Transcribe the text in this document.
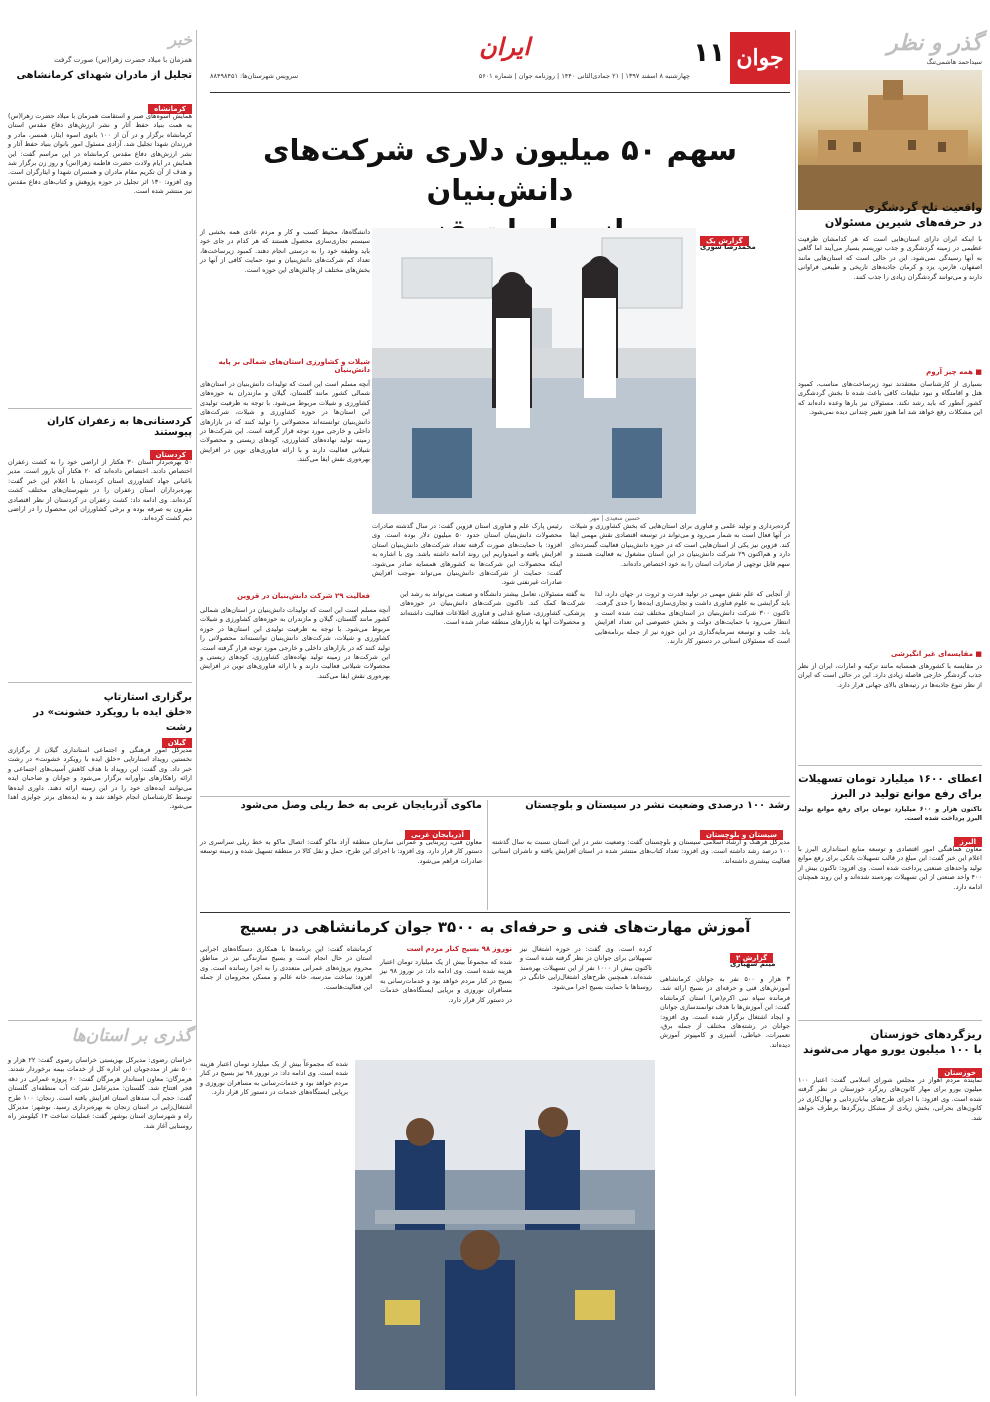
گذر و نظر
سیداحمد هاشمی‌تنگ
واقعیت تلخ گردشگری
در حرفه‌های شیرین مسئولان
با اینکه ایران دارای استان‌هایی است که هر کدامشان ظرفیت عظیمی در زمینه گردشگری و جذب توریسم بسیار می‌آیند اما گاهی به آنها رسیدگی نمی‌شود. این در حالی است که استان‌هایی مانند اصفهان، فارس، یزد و کرمان جاذبه‌های تاریخی و طبیعی فراوانی دارند و می‌توانند گردشگران زیادی را جذب کنند.
■ همه چیز آروم
بسیاری از کارشناسان معتقدند نبود زیرساخت‌های مناسب، کمبود هتل و اقامتگاه و نبود تبلیغات کافی باعث شده تا بخش گردشگری کشور آنطور که باید رشد نکند. مسئولان نیز بارها وعده داده‌اند که این مشکلات رفع خواهد شد اما هنوز تغییر چندانی دیده نمی‌شود.
■ مقایسه‌ای غیر انگیزشی
در مقایسه با کشورهای همسایه مانند ترکیه و امارات، ایران از نظر جذب گردشگر خارجی فاصله زیادی دارد. این در حالی است که ایران از نظر تنوع جاذبه‌ها در رتبه‌های بالای جهانی قرار دارد.
اعطای ۱۶۰۰ میلیارد تومان تسهیلات
برای رفع موانع تولید در البرز
تاکنون هزار و ۶۰۰ میلیارد تومان برای رفع موانع تولید البرز پرداخت شده است.
البرز
معاون هماهنگی امور اقتصادی و توسعه منابع استانداری البرز با اعلام این خبر گفت: این مبلغ در قالب تسهیلات بانکی برای رفع موانع تولید واحدهای صنعتی پرداخت شده است. وی افزود: تاکنون بیش از ۴۰۰ واحد صنعتی از این تسهیلات بهره‌مند شده‌اند و این روند همچنان ادامه دارد.
ریزگردهای خوزستان
با ۱۰۰ میلیون یورو مهار می‌شوند
خوزستان
نماینده مردم اهواز در مجلس شورای اسلامی گفت: اعتبار ۱۰۰ میلیون یورو برای مهار کانون‌های ریزگرد خوزستان در نظر گرفته شده است. وی افزود: با اجرای طرح‌های بیابان‌زدایی و نهال‌کاری در کانون‌های بحرانی، بخش زیادی از مشکل ریزگردها برطرف خواهد شد.
جوان
۱۱
ایران
چهارشنبه ۸ اسفند ۱۳۹۷ | ۲۱ جمادی‌الثانی ۱۴۴۰ | روزنامه جوان | شماره ۵۶۰۱
سرویس شهرستان‌ها: ۸۸۴۹۸۴۵۱
سهم ۵۰ میلیون دلاری شرکت‌های دانش‌بنیان
گزارش یک
محمدرضا سوری
حسین سعیدی | مهر
دانشگاه‌ها، محیط کسب و کار و مردم عادی همه بخشی از سیستم تجاری‌سازی محصول هستند که هر کدام در جای خود باید وظیفه خود را به درستی انجام دهند. کمبود زیرساخت‌ها، تعداد کم شرکت‌های دانش‌بنیان و نبود حمایت کافی از آنها در بخش‌های مختلف از چالش‌های این حوزه است.
شیلات و کشاورزی استان‌های شمالی بر پایه دانش‌بنیان
آنچه مسلم است این است که تولیدات دانش‌بنیان در استان‌های شمالی کشور مانند گلستان، گیلان و مازندران به حوزه‌های کشاورزی و شیلات مربوط می‌شود. با توجه به ظرفیت تولیدی این استان‌ها در حوزه کشاورزی و شیلات، شرکت‌های دانش‌بنیان توانسته‌اند محصولاتی را تولید کنند که در بازارهای داخلی و خارجی مورد توجه قرار گرفته است. این شرکت‌ها در زمینه تولید نهاده‌های کشاورزی، کودهای زیستی و محصولات شیلاتی فعالیت دارند و با ارائه فناوری‌های نوین در افزایش بهره‌وری نقش ایفا می‌کنند.
فعالیت ۲۹ شرکت دانش‌بنیان در قزوین
گرده‌برداری و تولید علمی و فناوری برای استان‌هایی که بخش کشاورزی و شیلات در آنها فعال است به شمار می‌رود و می‌تواند در توسعه اقتصادی نقش مهمی ایفا کند. قزوین نیز یکی از استان‌هایی است که در حوزه دانش‌بنیان فعالیت گسترده‌ای دارد و هم‌اکنون ۲۹ شرکت دانش‌بنیان در این استان مشغول به فعالیت هستند و سهم قابل توجهی از صادرات استان را به خود اختصاص داده‌اند.
رئیس پارک علم و فناوری استان قزوین گفت: در سال گذشته صادرات محصولات دانش‌بنیان استان حدود ۵۰ میلیون دلار بوده است. وی افزود: با حمایت‌های صورت گرفته تعداد شرکت‌های دانش‌بنیان استان افزایش یافته و امیدواریم این روند ادامه داشته باشد. وی با اشاره به اینکه محصولات این شرکت‌ها به کشورهای همسایه صادر می‌شود، گفت: حمایت از شرکت‌های دانش‌بنیان می‌تواند موجب افزایش صادرات غیرنفتی شود.
از آنجایی که علم نقش مهمی در تولید قدرت و ثروت در جهان دارد، لذا باید گرایشی به علوم فناوری داشت و تجاری‌سازی ایده‌ها را جدی گرفت. تاکنون ۳۰۰ شرکت دانش‌بنیان در استان‌های مختلف ثبت شده است و انتظار می‌رود با حمایت‌های دولت و بخش خصوصی این تعداد افزایش یابد. جلب و توسعه سرمایه‌گذاری در این حوزه نیز از جمله برنامه‌هایی است که مسئولان استانی در دستور کار دارند.
به گفته مسئولان، تعامل بیشتر دانشگاه و صنعت می‌تواند به رشد این شرکت‌ها کمک کند. تاکنون شرکت‌های دانش‌بنیان در حوزه‌های پزشکی، کشاورزی، صنایع غذایی و فناوری اطلاعات فعالیت داشته‌اند و محصولات آنها به بازارهای منطقه صادر شده است.
آنچه مسلم است این است که تولیدات دانش‌بنیان در استان‌های شمالی کشور مانند گلستان، گیلان و مازندران به حوزه‌های کشاورزی و شیلات مربوط می‌شود. با توجه به ظرفیت تولیدی این استان‌ها در حوزه کشاورزی و شیلات، شرکت‌های دانش‌بنیان توانسته‌اند محصولاتی را تولید کنند که در بازارهای داخلی و خارجی مورد توجه قرار گرفته است. این شرکت‌ها در زمینه تولید نهاده‌های کشاورزی، کودهای زیستی و محصولات شیلاتی فعالیت دارند و با ارائه فناوری‌های نوین در افزایش بهره‌وری نقش ایفا می‌کنند.
رشد ۱۰۰ درصدی وضعیت نشر در سیستان و بلوچستان
سیستان و بلوچستان
مدیرکل فرهنگ و ارشاد اسلامی سیستان و بلوچستان گفت: وضعیت نشر در این استان نسبت به سال گذشته ۱۰۰ درصد رشد داشته است. وی افزود: تعداد کتاب‌های منتشر شده در استان افزایش یافته و ناشران استانی فعالیت بیشتری داشته‌اند.
ماکوی آذربایجان غربی به خط ریلی وصل می‌شود
آذربایجان غربی
معاون فنی، زیربنایی و عمرانی سازمان منطقه آزاد ماکو گفت: اتصال ماکو به خط ریلی سراسری در دستور کار قرار دارد. وی افزود: با اجرای این طرح، حمل و نقل کالا در منطقه تسهیل شده و زمینه توسعه صادرات فراهم می‌شود.
آموزش مهارت‌های فنی و حرفه‌ای به ۳۵۰۰ جوان کرمانشاهی در بسیج
گزارش ۲
میثم شهبازی
۳ هزار و ۵۰۰ نفر به جوانان کرمانشاهی آموزش‌های فنی و حرفه‌ای در بسیج ارائه شد. فرمانده سپاه نبی اکرم(ص) استان کرمانشاه گفت: این آموزش‌ها با هدف توانمندسازی جوانان و ایجاد اشتغال برگزار شده است. وی افزود: جوانان در رشته‌های مختلف از جمله برق، تعمیرات، خیاطی، آشپزی و کامپیوتر آموزش دیده‌اند.
کرده است. وی گفت: در حوزه اشتغال نیز تسهیلاتی برای جوانان در نظر گرفته شده است و تاکنون بیش از ۱۰۰۰ نفر از این تسهیلات بهره‌مند شده‌اند. همچنین طرح‌های اشتغال‌زایی خانگی در روستاها با حمایت بسیج اجرا می‌شود.
نوروز ۹۸ بسیج کنار مردم است
شده که مجموعاً بیش از یک میلیارد تومان اعتبار هزینه شده است. وی ادامه داد: در نوروز ۹۸ نیز بسیج در کنار مردم خواهد بود و خدمات‌رسانی به مسافران نوروزی و برپایی ایستگاه‌های خدمات در دستور کار قرار دارد.
کرمانشاه گفت: این برنامه‌ها با همکاری دستگاه‌های اجرایی استان در حال انجام است و بسیج سازندگی نیز در مناطق محروم پروژه‌های عمرانی متعددی را به اجرا رسانده است. وی افزود: ساخت مدرسه، خانه عالم و مسکن محرومان از جمله این فعالیت‌هاست.
شده که مجموعاً بیش از یک میلیارد تومان اعتبار هزینه شده است. وی ادامه داد: در نوروز ۹۸ نیز بسیج در کنار مردم خواهد بود و خدمات‌رسانی به مسافران نوروزی و برپایی ایستگاه‌های خدمات در دستور کار قرار دارد.
خبر
همزمان با میلاد حضرت زهرا(س) صورت گرفت
تجلیل از مادران شهدای کرمانشاهی
کرمانشاه
همایش اسوه‌های صبر و استقامت همزمان با میلاد حضرت زهرا(س) به همت بنیاد حفظ آثار و نشر ارزش‌های دفاع مقدس استان کرمانشاه برگزار و در آن از ۱۰۰ بانوی اسوه ایثار، همسر، مادر و فرزندان شهدا تجلیل شد. آزادی مسئول امور بانوان بنیاد حفظ آثار و نشر ارزش‌های دفاع مقدس کرمانشاه در این مراسم گفت: این همایش در ایام ولادت حضرت فاطمه زهرا(س) و روز زن برگزار شد و هدف از آن تکریم مقام مادران و همسران شهدا و ایثارگران است. وی افزود: ۱۳۰ اثر تجلیل در حوزه پژوهش و کتاب‌های دفاع مقدس نیز منتشر شده است.
کردستانی‌ها به زعفران کاران پیوستند
کردستان
۵۰ بهره‌بردار استان ۳۰ هکتار از اراضی خود را به کشت زعفران اختصاص دادند. اختصاص داده‌اند که ۲۰ هکتار آن بارور است. مدیر باغبانی جهاد کشاورزی استان کردستان با اعلام این خبر گفت: بهره‌برداران استان زعفران را در شهرستان‌های مختلف کشت کرده‌اند. وی ادامه داد: کشت زعفران در کردستان از نظر اقتصادی مقرون به صرفه بوده و برخی کشاورزان این محصول را در اراضی دیم کشت کرده‌اند.
برگزاری استارتاپ
«خلق ایده با رویکرد خشونت» در رشت
گیلان
مدیرکل امور فرهنگی و اجتماعی استانداری گیلان از برگزاری نخستین رویداد استارتاپی «خلق ایده با رویکرد خشونت» در رشت خبر داد. وی گفت: این رویداد با هدف کاهش آسیب‌های اجتماعی و ارائه راهکارهای نوآورانه برگزار می‌شود و جوانان و صاحبان ایده می‌توانند ایده‌های خود را در این زمینه ارائه دهند. داوری ایده‌ها توسط کارشناسان انجام خواهد شد و به ایده‌های برتر جوایزی اهدا می‌شود.
گذری بر استان‌ها
خراسان رضوی: مدیرکل بهزیستی خراسان رضوی گفت: ۲۲ هزار و ۵۰۰ نفر از مددجویان این اداره کل از خدمات بیمه برخوردار شدند. هرمزگان: معاون استاندار هرمزگان گفت: ۶۰ پروژه عمرانی در دهه فجر افتتاح شد. گلستان: مدیرعامل شرکت آب منطقه‌ای گلستان گفت: حجم آب سدهای استان افزایش یافته است. زنجان: ۱۰۰ طرح اشتغال‌زایی در استان زنجان به بهره‌برداری رسید. بوشهر: مدیرکل راه و شهرسازی استان بوشهر گفت: عملیات ساخت ۱۴ کیلومتر راه روستایی آغاز شد.
